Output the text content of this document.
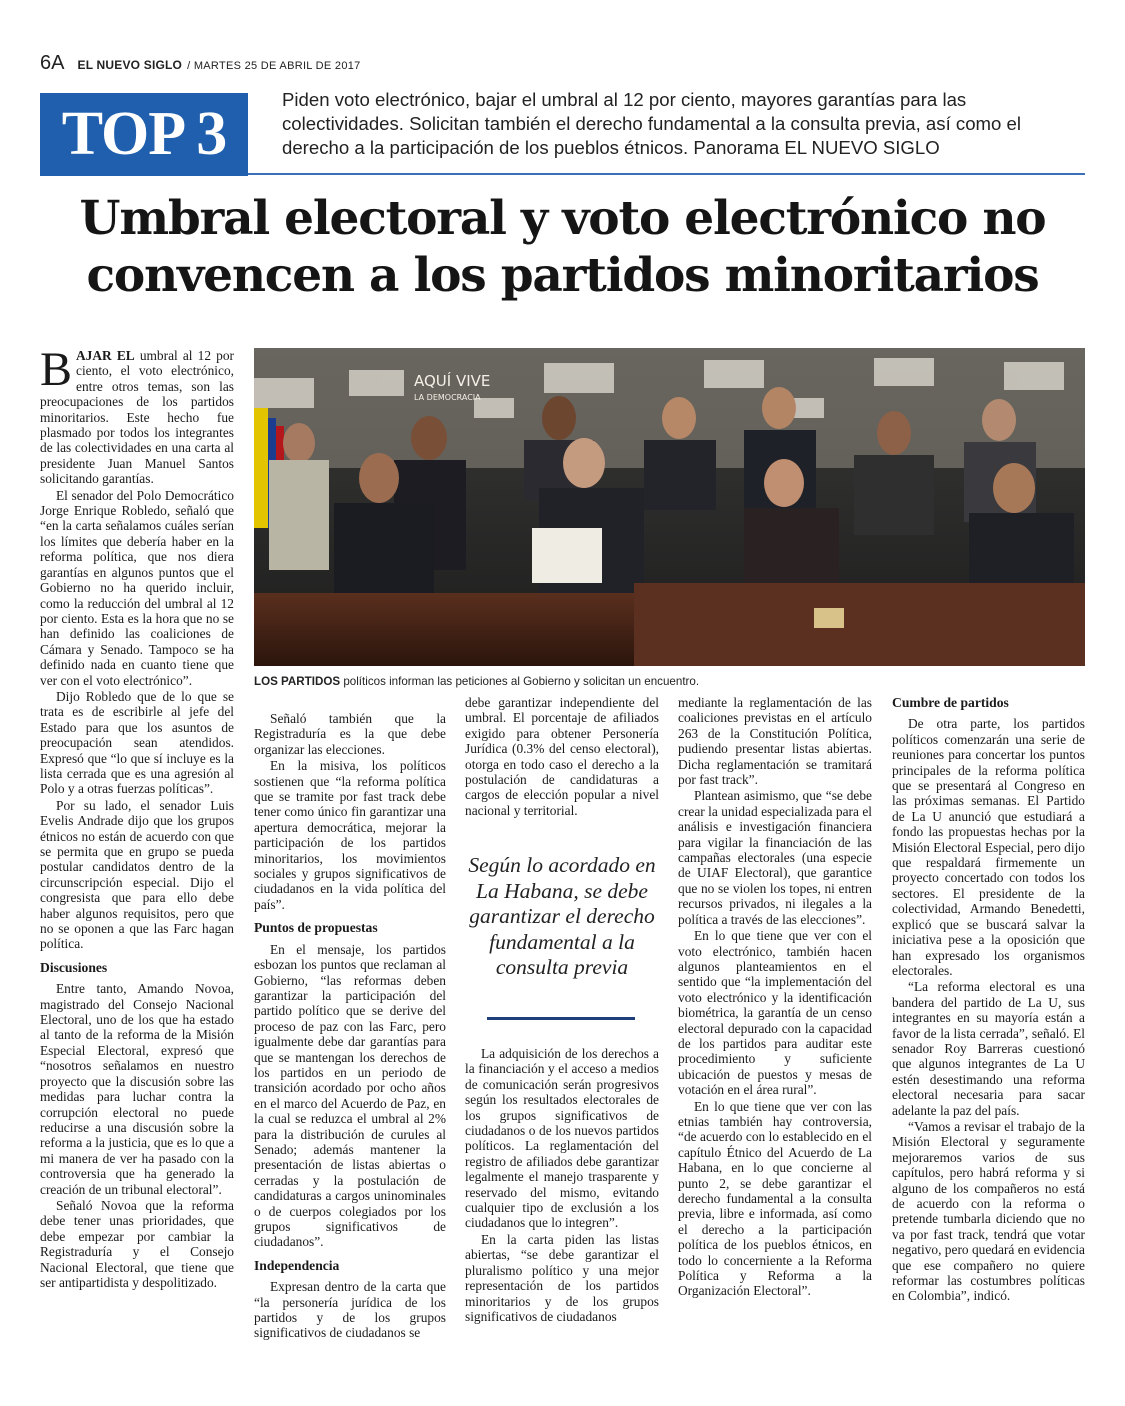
6A EL NUEVO SIGLO / MARTES 25 DE ABRIL DE 2017
TOP 3
Piden voto electrónico, bajar el umbral al 12 por ciento, mayores garantías para las colectividades. Solicitan también el derecho fundamental a la consulta previa, así como el derecho a la participación de los pueblos étnicos. Panorama EL NUEVO SIGLO
Umbral electoral y voto electrónico no convencen a los partidos minoritarios

BAJAR EL umbral al 12 por ciento, el voto electrónico, entre otros temas, son las preocupaciones de los partidos minoritarios. Este hecho fue plasmado por todos los integrantes de las colectividades en una carta al presidente Juan Manuel Santos solicitando garantías.

El senador del Polo Democrático Jorge Enrique Robledo, señaló que “en la carta señalamos cuáles serían los límites que debería haber en la reforma política, que nos diera garantías en algunos puntos que el Gobierno no ha querido incluir, como la reducción del umbral al 12 por ciento. Esta es la hora que no se han definido las coaliciones de Cámara y Senado. Tampoco se ha definido nada en cuanto tiene que ver con el voto electrónico”.

Dijo Robledo que de lo que se trata es de escribirle al jefe del Estado para que los asuntos de preocupación sean atendidos. Expresó que “lo que sí incluye es la lista cerrada que es una agresión al Polo y a otras fuerzas políticas”.

Por su lado, el senador Luis Evelis Andrade dijo que los grupos étnicos no están de acuerdo con que se permita que en grupo se pueda postular candidatos dentro de la circunscripción especial. Dijo el congresista que para ello debe haber algunos requisitos, pero que no se oponen a que las Farc hagan política.

Discusiones

Entre tanto, Amando Novoa, magistrado del Consejo Nacional Electoral, uno de los que ha estado al tanto de la reforma de la Misión Especial Electoral, expresó que “nosotros señalamos en nuestro proyecto que la discusión sobre las medidas para luchar contra la corrupción electoral no puede reducirse a una discusión sobre la reforma a la justicia, que es lo que a mi manera de ver ha pasado con la controversia que ha generado la creación de un tribunal electoral”.

Señaló Novoa que la reforma debe tener unas prioridades, que debe empezar por cambiar la Registraduría y el Consejo Nacional Electoral, que tiene que ser antipartidista y despolitizado.

AQUÍ VIVE
LA DEMOCRACIA
LOS PARTIDOS políticos informan las peticiones al Gobierno y solicitan un encuentro.

Señaló también que la Registraduría es la que debe organizar las elecciones.

En la misiva, los políticos sostienen que “la reforma política que se tramite por fast track debe tener como único fin garantizar una apertura democrática, mejorar la participación de los partidos minoritarios, los movimientos sociales y grupos significativos de ciudadanos en la vida política del país”.

Puntos de propuestas

En el mensaje, los partidos esbozan los puntos que reclaman al Gobierno, “las reformas deben garantizar la participación del partido político que se derive del proceso de paz con las Farc, pero igualmente debe dar garantías para que se mantengan los derechos de los partidos en un periodo de transición acordado por ocho años en el marco del Acuerdo de Paz, en la cual se reduzca el umbral al 2% para la distribución de curules al Senado; además mantener la presentación de listas abiertas o cerradas y la postulación de candidaturas a cargos uninominales o de cuerpos colegiados por los grupos significativos de ciudadanos”.

Independencia

Expresan dentro de la carta que “la personería jurídica de los partidos y de los grupos significativos de ciudadanos se

debe garantizar independiente del umbral. El porcentaje de afiliados exigido para obtener Personería Jurídica (0.3% del censo electoral), otorga en todo caso el derecho a la postulación de candidaturas a cargos de elección popular a nivel nacional y territorial.

Según lo acordado en La Habana, se debe garantizar el derecho fundamental a la consulta previa

La adquisición de los derechos a la financiación y el acceso a medios de comunicación serán progresivos según los resultados electorales de los grupos significativos de ciudadanos o de los nuevos partidos políticos. La reglamentación del registro de afiliados debe garantizar legalmente el manejo trasparente y reservado del mismo, evitando cualquier tipo de exclusión a los ciudadanos que lo integren”.

En la carta piden las listas abiertas, “se debe garantizar el pluralismo político y una mejor representación de los partidos minoritarios y de los grupos significativos de ciudadanos

mediante la reglamentación de las coaliciones previstas en el artículo 263 de la Constitución Política, pudiendo presentar listas abiertas. Dicha reglamentación se tramitará por fast track”.

Plantean asimismo, que “se debe crear la unidad especializada para el análisis e investigación financiera para vigilar la financiación de las campañas electorales (una especie de UIAF Electoral), que garantice que no se violen los topes, ni entren recursos privados, ni ilegales a la política a través de las elecciones”.

En lo que tiene que ver con el voto electrónico, también hacen algunos planteamientos en el sentido que “la implementación del voto electrónico y la identificación biométrica, la garantía de un censo electoral depurado con la capacidad de los partidos para auditar este procedimiento y suficiente ubicación de puestos y mesas de votación en el área rural”.

En lo que tiene que ver con las etnias también hay controversia, “de acuerdo con lo establecido en el capítulo Étnico del Acuerdo de La Habana, en lo que concierne al punto 2, se debe garantizar el derecho fundamental a la consulta previa, libre e informada, así como el derecho a la participación política de los pueblos étnicos, en todo lo concerniente a la Reforma Política y Reforma a la Organización Electoral”.

Cumbre de partidos

De otra parte, los partidos políticos comenzarán una serie de reuniones para concertar los puntos principales de la reforma política que se presentará al Congreso en las próximas semanas. El Partido de La U anunció que estudiará a fondo las propuestas hechas por la Misión Electoral Especial, pero dijo que respaldará firmemente un proyecto concertado con todos los sectores. El presidente de la colectividad, Armando Benedetti, explicó que se buscará salvar la iniciativa pese a la oposición que han expresado los organismos electorales.

“La reforma electoral es una bandera del partido de La U, sus integrantes en su mayoría están a favor de la lista cerrada”, señaló. El senador Roy Barreras cuestionó que algunos integrantes de La U estén desestimando una reforma electoral necesaria para sacar adelante la paz del país.

“Vamos a revisar el trabajo de la Misión Electoral y seguramente mejoraremos varios de sus capítulos, pero habrá reforma y si alguno de los compañeros no está de acuerdo con la reforma o pretende tumbarla diciendo que no va por fast track, tendrá que votar negativo, pero quedará en evidencia que ese compañero no quiere reformar las costumbres políticas en Colombia”, indicó.
